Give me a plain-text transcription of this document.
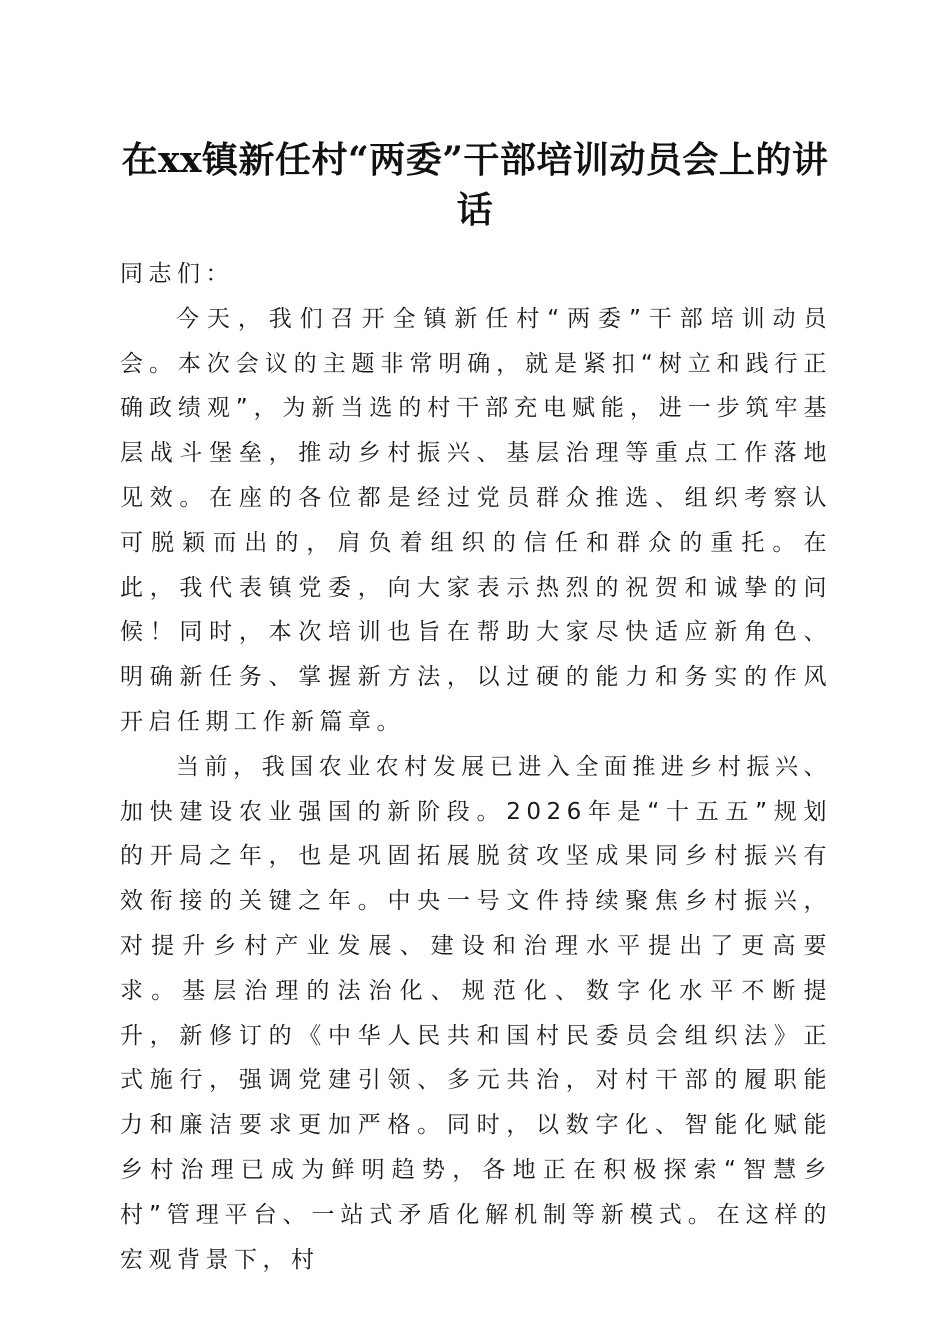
在xx镇新任村“两委”干部培训动员会上的讲话

同志们：

今天，我们召开全镇新任村“两委”干部培训动员会。本次会议的主题非常明确，就是紧扣“树立和践行正确政绩观”，为新当选的村干部充电赋能，进一步筑牢基层战斗堡垒，推动乡村振兴、基层治理等重点工作落地见效。在座的各位都是经过党员群众推选、组织考察认可脱颖而出的，肩负着组织的信任和群众的重托。在此，我代表镇党委，向大家表示热烈的祝贺和诚挚的问候！同时，本次培训也旨在帮助大家尽快适应新角色、明确新任务、掌握新方法，以过硬的能力和务实的作风开启任期工作新篇章。

当前，我国农业农村发展已进入全面推进乡村振兴、加快建设农业强国的新阶段。2026年是“十五五”规划的开局之年，也是巩固拓展脱贫攻坚成果同乡村振兴有效衔接的关键之年。中央一号文件持续聚焦乡村振兴，对提升乡村产业发展、建设和治理水平提出了更高要求。基层治理的法治化、规范化、数字化水平不断提升，新修订的《中华人民共和国村民委员会组织法》正式施行，强调党建引领、多元共治，对村干部的履职能力和廉洁要求更加严格。同时，以数字化、智能化赋能乡村治理已成为鲜明趋势，各地正在积极探索“智慧乡村”管理平台、一站式矛盾化解机制等新模式。在这样的宏观背景下，村
